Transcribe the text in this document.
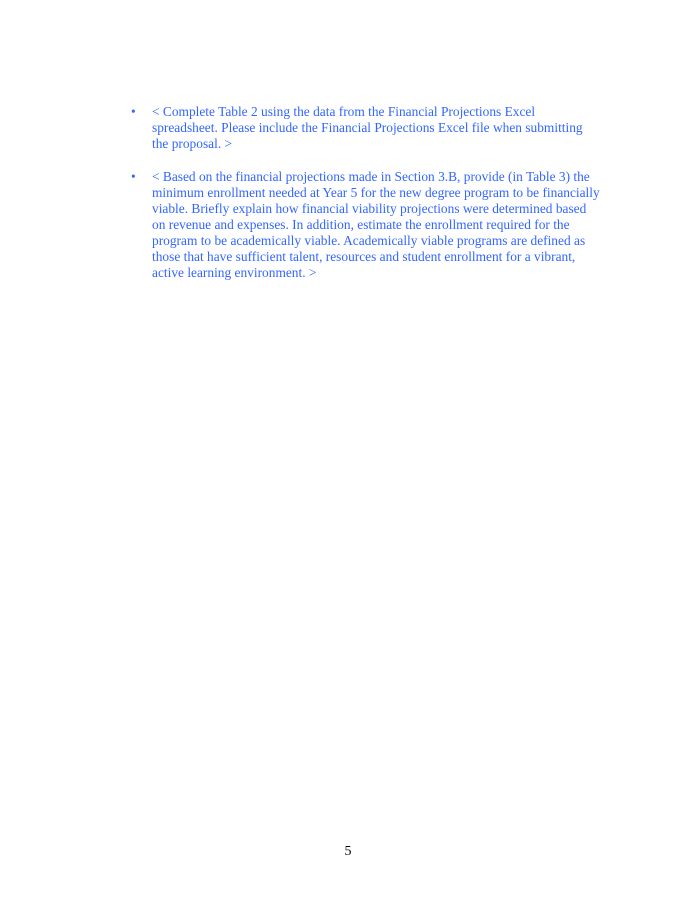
• < Complete Table 2 using the data from the Financial Projections Excel spreadsheet. Please include the Financial Projections Excel file when submitting the proposal. >
• < Based on the financial projections made in Section 3.B, provide (in Table 3) the minimum enrollment needed at Year 5 for the new degree program to be financially viable. Briefly explain how financial viability projections were determined based on revenue and expenses. In addition, estimate the enrollment required for the program to be academically viable. Academically viable programs are defined as those that have sufficient talent, resources and student enrollment for a vibrant, active learning environment. >
5
